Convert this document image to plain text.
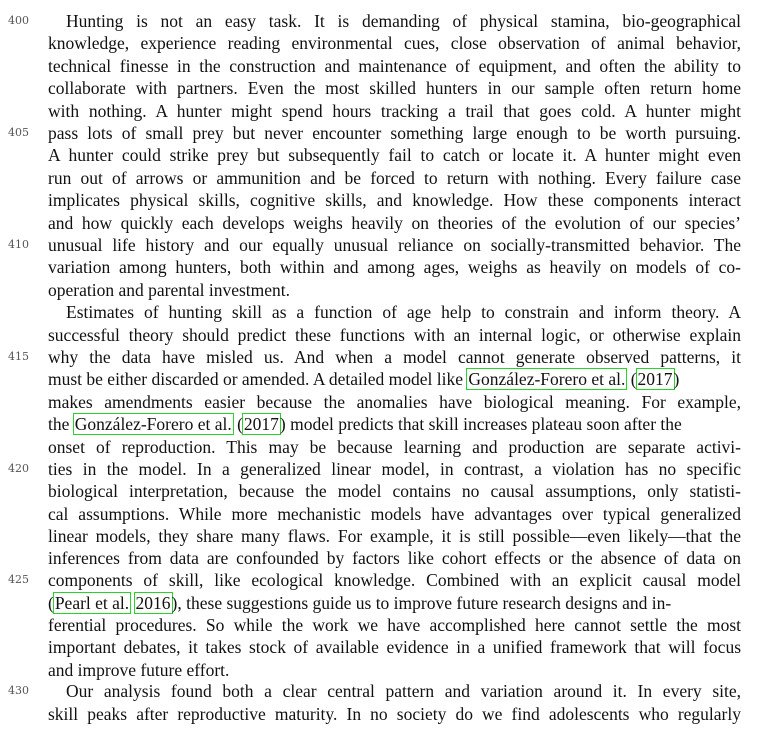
400
405
410
415
420
425
430
Hunting is not an easy task. It is demanding of physical stamina, bio-geographical
knowledge, experience reading environmental cues, close observation of animal behavior,
technical finesse in the construction and maintenance of equipment, and often the ability to
collaborate with partners. Even the most skilled hunters in our sample often return home
with nothing. A hunter might spend hours tracking a trail that goes cold. A hunter might
pass lots of small prey but never encounter something large enough to be worth pursuing.
A hunter could strike prey but subsequently fail to catch or locate it. A hunter might even
run out of arrows or ammunition and be forced to return with nothing. Every failure case
implicates physical skills, cognitive skills, and knowledge. How these components interact
and how quickly each develops weighs heavily on theories of the evolution of our species’
unusual life history and our equally unusual reliance on socially-transmitted behavior. The
variation among hunters, both within and among ages, weighs as heavily on models of co-
operation and parental investment.
Estimates of hunting skill as a function of age help to constrain and inform theory. A
successful theory should predict these functions with an internal logic, or otherwise explain
why the data have misled us. And when a model cannot generate observed patterns, it
must be either discarded or amended. A detailed model like González-Forero et al. (2017)
makes amendments easier because the anomalies have biological meaning. For example,
the González-Forero et al. (2017) model predicts that skill increases plateau soon after the
onset of reproduction. This may be because learning and production are separate activi-
ties in the model. In a generalized linear model, in contrast, a violation has no specific
biological interpretation, because the model contains no causal assumptions, only statisti-
cal assumptions. While more mechanistic models have advantages over typical generalized
linear models, they share many flaws. For example, it is still possible—even likely—that the
inferences from data are confounded by factors like cohort effects or the absence of data on
components of skill, like ecological knowledge. Combined with an explicit causal model
(Pearl et al. 2016), these suggestions guide us to improve future research designs and in-
ferential procedures. So while the work we have accomplished here cannot settle the most
important debates, it takes stock of available evidence in a unified framework that will focus
and improve future effort.
Our analysis found both a clear central pattern and variation around it. In every site,
skill peaks after reproductive maturity. In no society do we find adolescents who regularly
